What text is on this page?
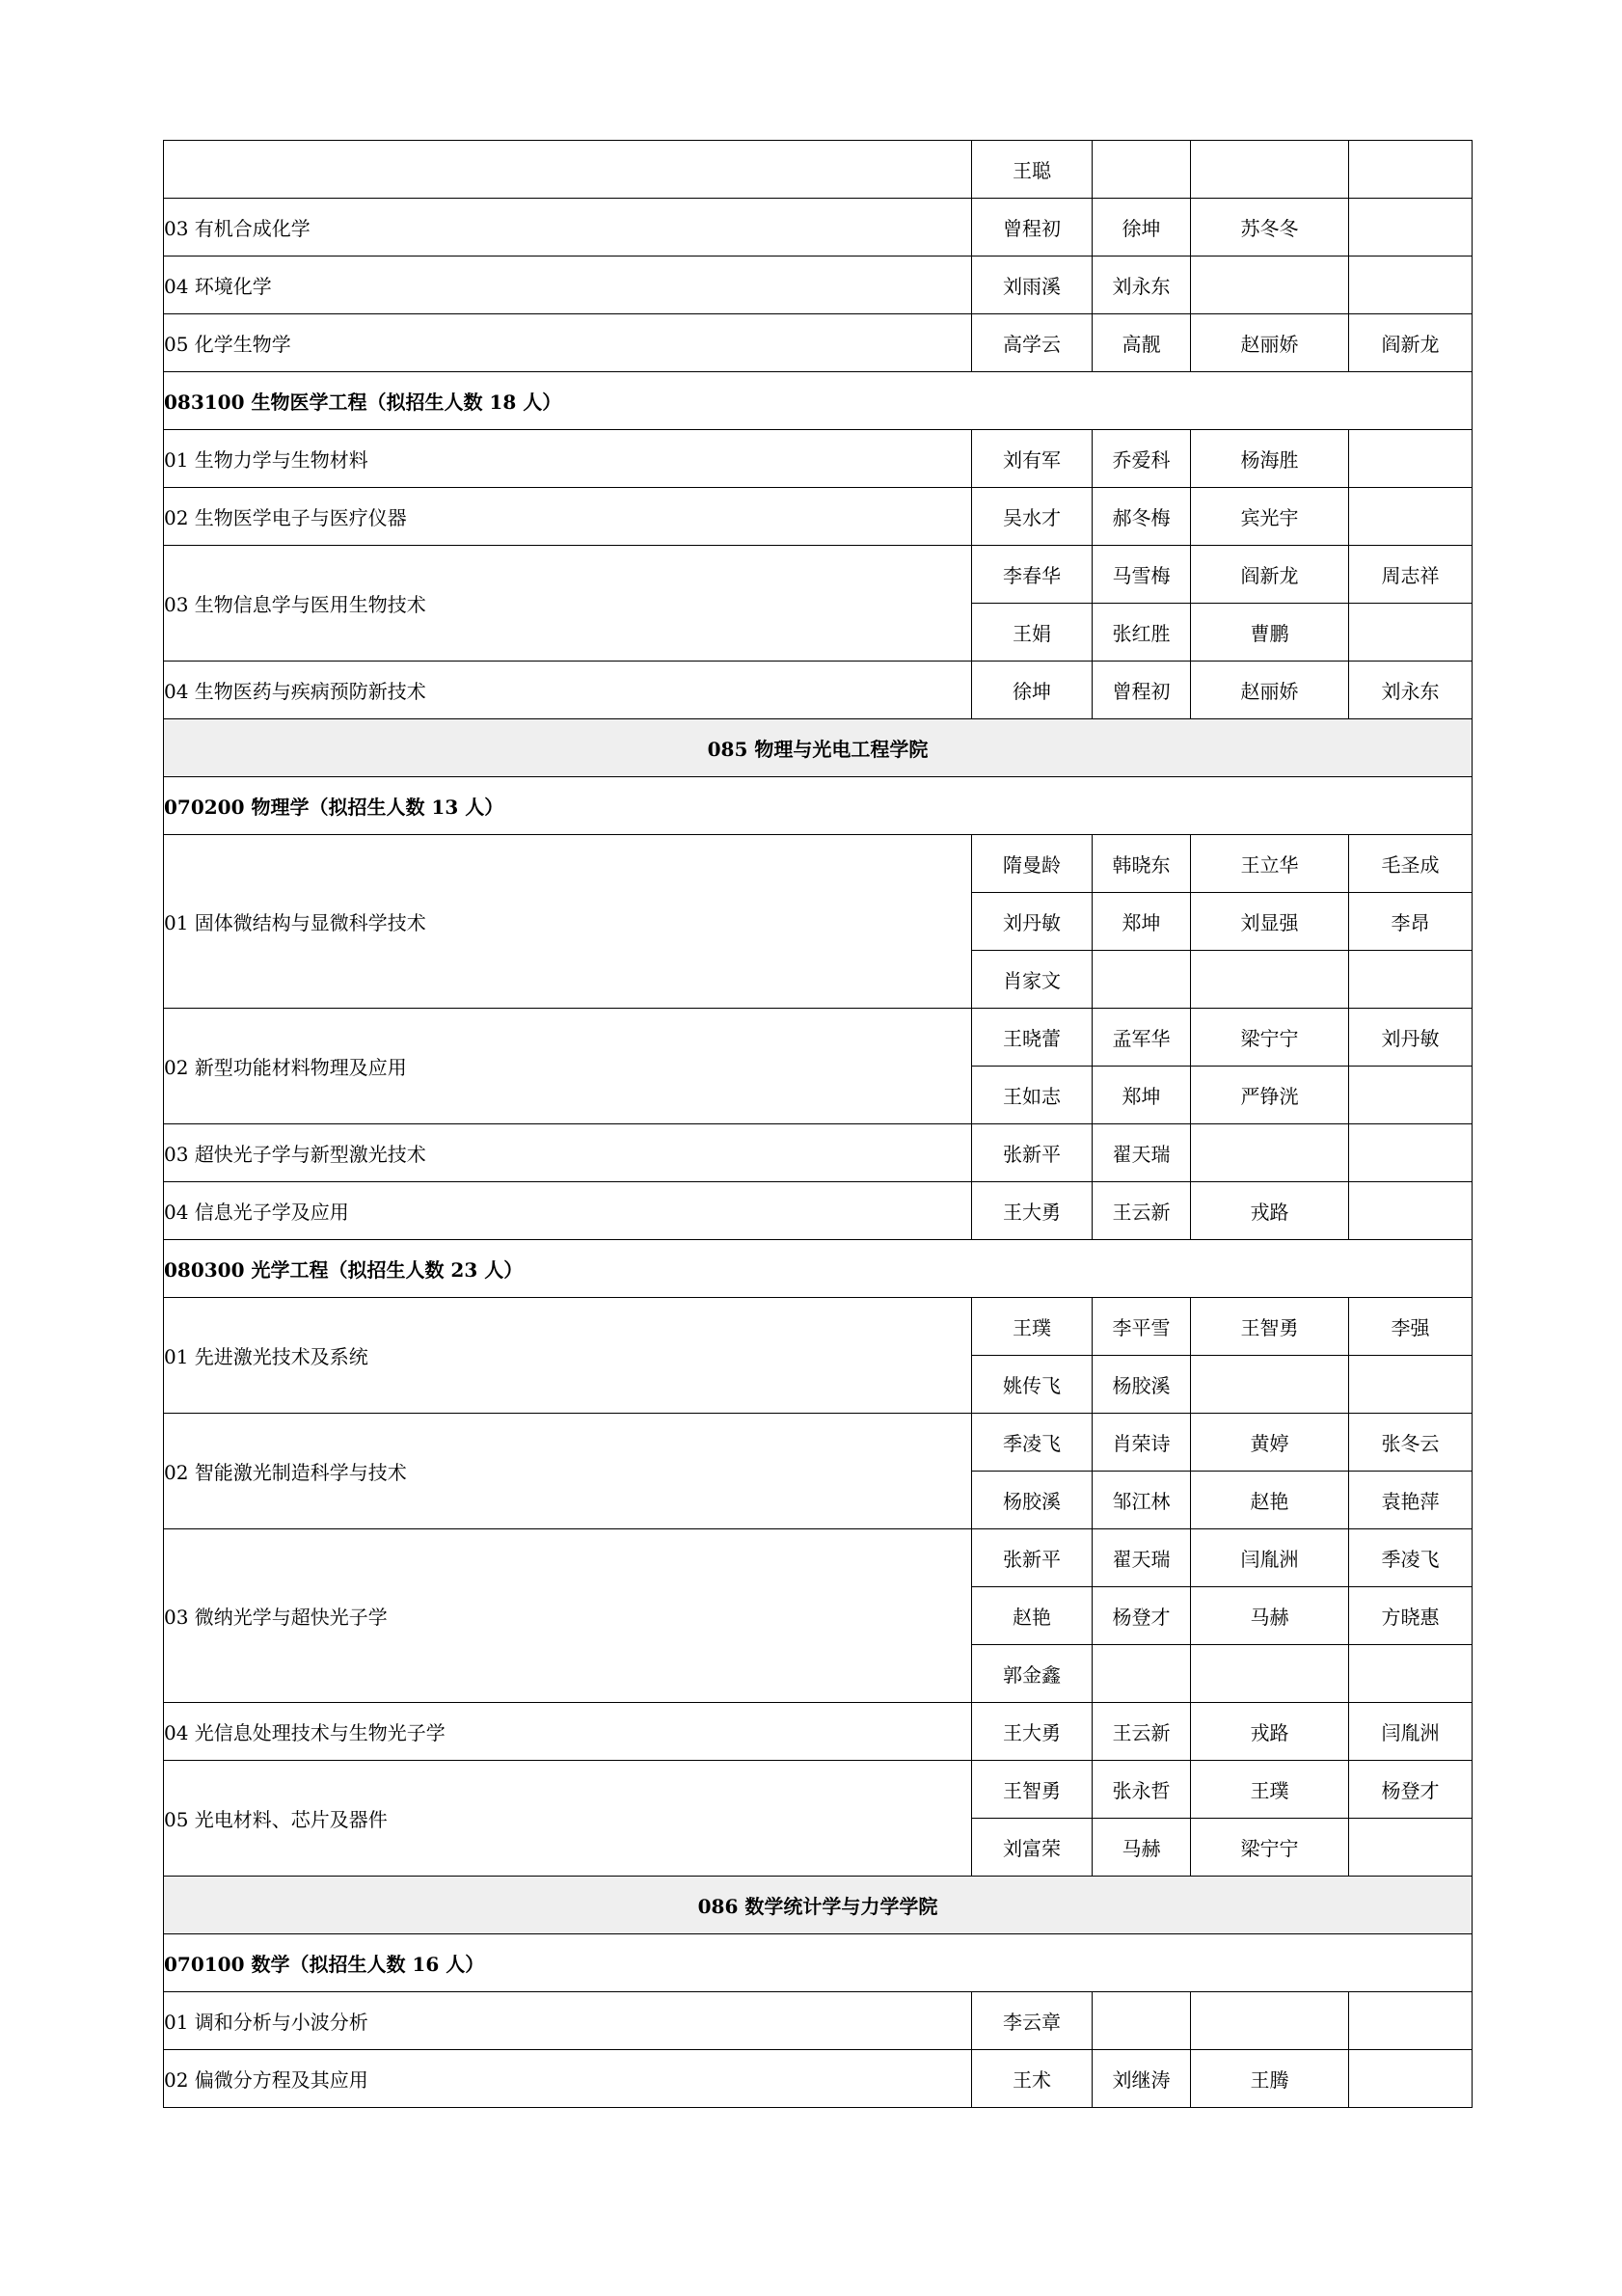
	王聪			
03 有机合成化学	曾程初	徐坤	苏冬冬	
04 环境化学	刘雨溪	刘永东		
05 化学生物学	高学云	高靓	赵丽娇	阎新龙
083100 生物医学工程（拟招生人数 18 人）				
01 生物力学与生物材料	刘有军	乔爱科	杨海胜	
02 生物医学电子与医疗仪器	吴水才	郝冬梅	宾光宇	
03 生物信息学与医用生物技术	李春华	马雪梅	阎新龙	周志祥
	王娟	张红胜	曹鹏	
04 生物医药与疾病预防新技术	徐坤	曾程初	赵丽娇	刘永东
085 物理与光电工程学院				
070200 物理学（拟招生人数 13 人）				
01 固体微结构与显微科学技术	隋曼龄	韩晓东	王立华	毛圣成
	刘丹敏	郑坤	刘显强	李昂
	肖家文			
02 新型功能材料物理及应用	王晓蕾	孟军华	梁宁宁	刘丹敏
	王如志	郑坤	严铮洸	
03 超快光子学与新型激光技术	张新平	翟天瑞		
04 信息光子学及应用	王大勇	王云新	戎路	
080300 光学工程（拟招生人数 23 人）				
01 先进激光技术及系统	王璞	李平雪	王智勇	李强
	姚传飞	杨胶溪		
02 智能激光制造科学与技术	季凌飞	肖荣诗	黄婷	张冬云
	杨胶溪	邹江林	赵艳	袁艳萍
03 微纳光学与超快光子学	张新平	翟天瑞	闫胤洲	季凌飞
	赵艳	杨登才	马赫	方晓惠
	郭金鑫			
04 光信息处理技术与生物光子学	王大勇	王云新	戎路	闫胤洲
05 光电材料、芯片及器件	王智勇	张永哲	王璞	杨登才
	刘富荣	马赫	梁宁宁	
086 数学统计学与力学学院				
070100 数学（拟招生人数 16 人）				
01 调和分析与小波分析	李云章			
02 偏微分方程及其应用	王术	刘继涛	王腾	
